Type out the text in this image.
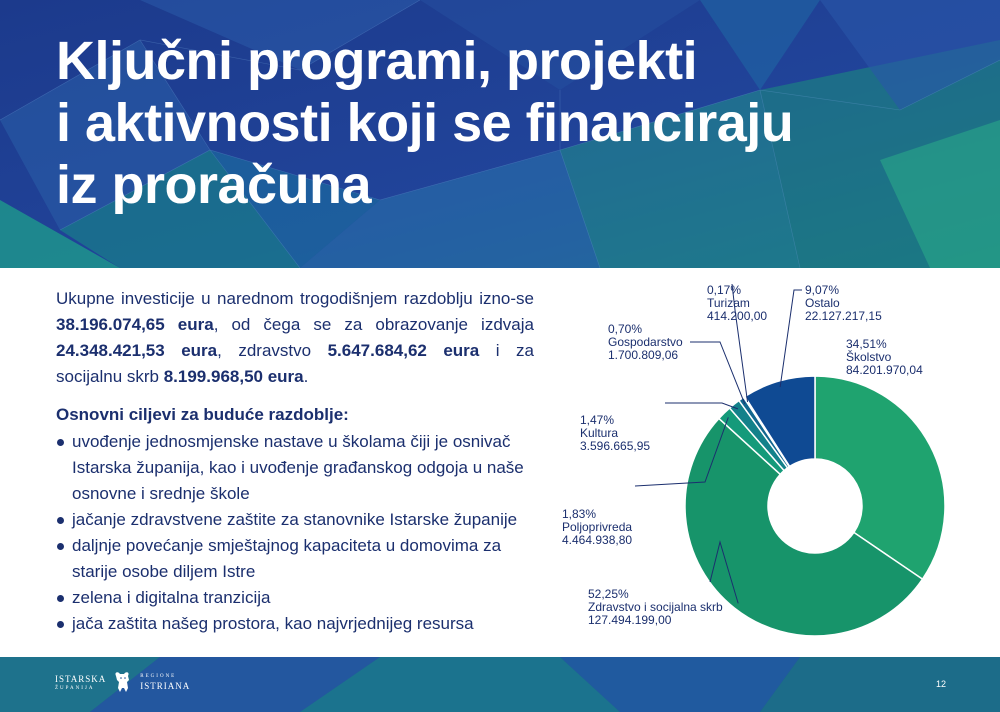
Ključni programi, projekti
i aktivnosti koji se financiraju
iz proračuna

Ukupne investicije u narednom trogodišnjem razdoblju izno-se 38.196.074,65 eura, od čega se za obrazovanje izdvaja 24.348.421,53 eura, zdravstvo 5.647.684,62 eura i za socijalnu skrb 8.199.968,50 eura.

Osnovni ciljevi za buduće razdoblje:

uvođenje jednosmjenske nastave u školama čiji je osnivač Istarska županija, kao i uvođenje građanskog odgoja u naše osnovne i srednje škole
jačanje zdravstvene zaštite za stanovnike Istarske županije
daljnje povećanje smještajnog kapaciteta u domovima za starije osobe diljem Istre
zelena i digitalna tranzicija
jača zaštita našeg prostora, kao najvrjednijeg resursa
34,51% Školstvo 84.201.970,04
52,25% Zdravstvo i socijalna skrb 127.494.199,00
1,83% Poljoprivreda 4.464.938,80
1,47% Kultura 3.596.665,95
0,70% Gospodarstvo 1.700.809,06
0,17% Turizam 414.200,00
9,07% Ostalo 22.127.217,15
ISTARSKA
ŽUPANIJA
REGIONE
ISTRIANA	12
